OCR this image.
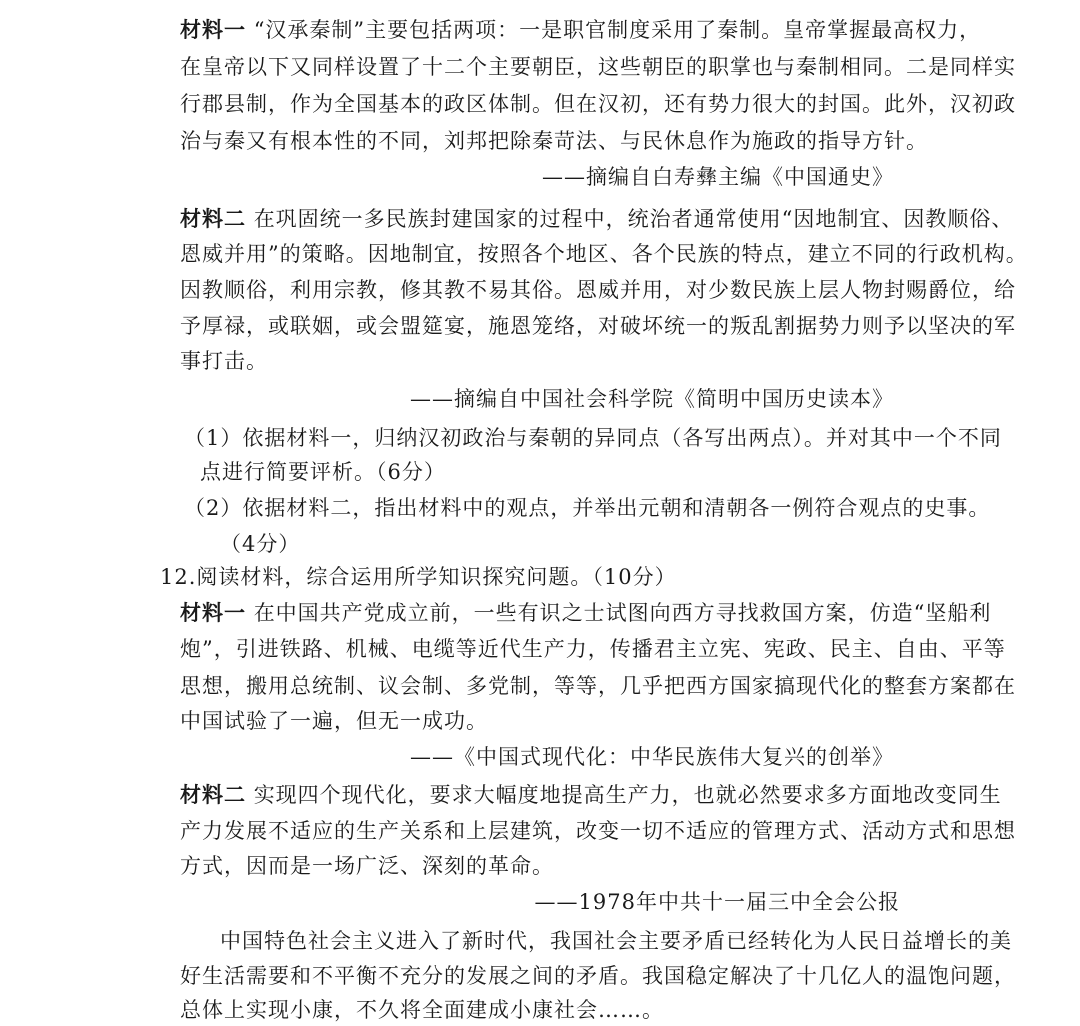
材料一 “汉承秦制”主要包括两项：一是职官制度采用了秦制。皇帝掌握最高权力，
在皇帝以下又同样设置了十二个主要朝臣，这些朝臣的职掌也与秦制相同。二是同样实
行郡县制，作为全国基本的政区体制。但在汉初，还有势力很大的封国。此外，汉初政
治与秦又有根本性的不同，刘邦把除秦苛法、与民休息作为施政的指导方针。
——摘编自白寿彝主编《中国通史》
材料二 在巩固统一多民族封建国家的过程中，统治者通常使用“因地制宜、因教顺俗、
恩威并用”的策略。因地制宜，按照各个地区、各个民族的特点，建立不同的行政机构。
因教顺俗，利用宗教，修其教不易其俗。恩威并用，对少数民族上层人物封赐爵位，给
予厚禄，或联姻，或会盟筵宴，施恩笼络，对破坏统一的叛乱割据势力则予以坚决的军
事打击。
——摘编自中国社会科学院《简明中国历史读本》
（1）依据材料一，归纳汉初政治与秦朝的异同点（各写出两点）。并对其中一个不同
点进行简要评析。（6分）
（2）依据材料二，指出材料中的观点，并举出元朝和清朝各一例符合观点的史事。
（4分）
12.阅读材料，综合运用所学知识探究问题。（10分）
材料一 在中国共产党成立前，一些有识之士试图向西方寻找救国方案，仿造“坚船利
炮”，引进铁路、机械、电缆等近代生产力，传播君主立宪、宪政、民主、自由、平等
思想，搬用总统制、议会制、多党制，等等，几乎把西方国家搞现代化的整套方案都在
中国试验了一遍，但无一成功。
——《中国式现代化：中华民族伟大复兴的创举》
材料二 实现四个现代化，要求大幅度地提高生产力，也就必然要求多方面地改变同生
产力发展不适应的生产关系和上层建筑，改变一切不适应的管理方式、活动方式和思想
方式，因而是一场广泛、深刻的革命。
——1978年中共十一届三中全会公报
中国特色社会主义进入了新时代，我国社会主要矛盾已经转化为人民日益增长的美
好生活需要和不平衡不充分的发展之间的矛盾。我国稳定解决了十几亿人的温饱问题，
总体上实现小康，不久将全面建成小康社会……。
